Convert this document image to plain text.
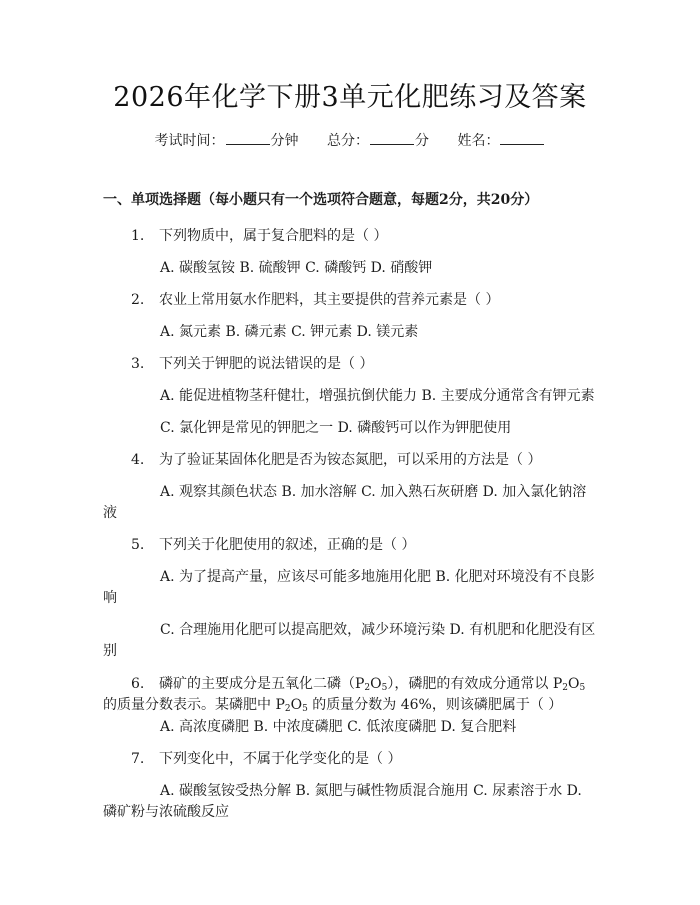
2026年化学下册3单元化肥练习及答案
考试时间：	分钟 总分：	分 姓名：
一、单项选择题（每小题只有一个选项符合题意，每题2分，共20分）
1. 下列物质中，属于复合肥料的是（ ）
A. 碳酸氢铵 B. 硫酸钾 C. 磷酸钙 D. 硝酸钾
2. 农业上常用氨水作肥料，其主要提供的营养元素是（ ）
A. 氮元素 B. 磷元素 C. 钾元素 D. 镁元素
3. 下列关于钾肥的说法错误的是（ ）
A. 能促进植物茎秆健壮，增强抗倒伏能力 B. 主要成分通常含有钾元素
C. 氯化钾是常见的钾肥之一 D. 磷酸钙可以作为钾肥使用
4. 为了验证某固体化肥是否为铵态氮肥，可以采用的方法是（ ）
A. 观察其颜色状态 B. 加水溶解 C. 加入熟石灰研磨 D. 加入氯化钠溶
液
5. 下列关于化肥使用的叙述，正确的是（ ）
A. 为了提高产量，应该尽可能多地施用化肥 B. 化肥对环境没有不良影
响
C. 合理施用化肥可以提高肥效，减少环境污染 D. 有机肥和化肥没有区
别
6. 磷矿的主要成分是五氧化二磷$(P_2O_5)$，磷肥的有效成分通常以 $P_2O_5$
的质量分数表示。某磷肥中 $P_2O_5$ 的质量分数为 46%，则该磷肥属于（ ）
A. 高浓度磷肥 B. 中浓度磷肥 C. 低浓度磷肥 D. 复合肥料
7. 下列变化中，不属于化学变化的是（ ）
A. 碳酸氢铵受热分解 B. 氮肥与碱性物质混合施用 C. 尿素溶于水 D.
磷矿粉与浓硫酸反应
